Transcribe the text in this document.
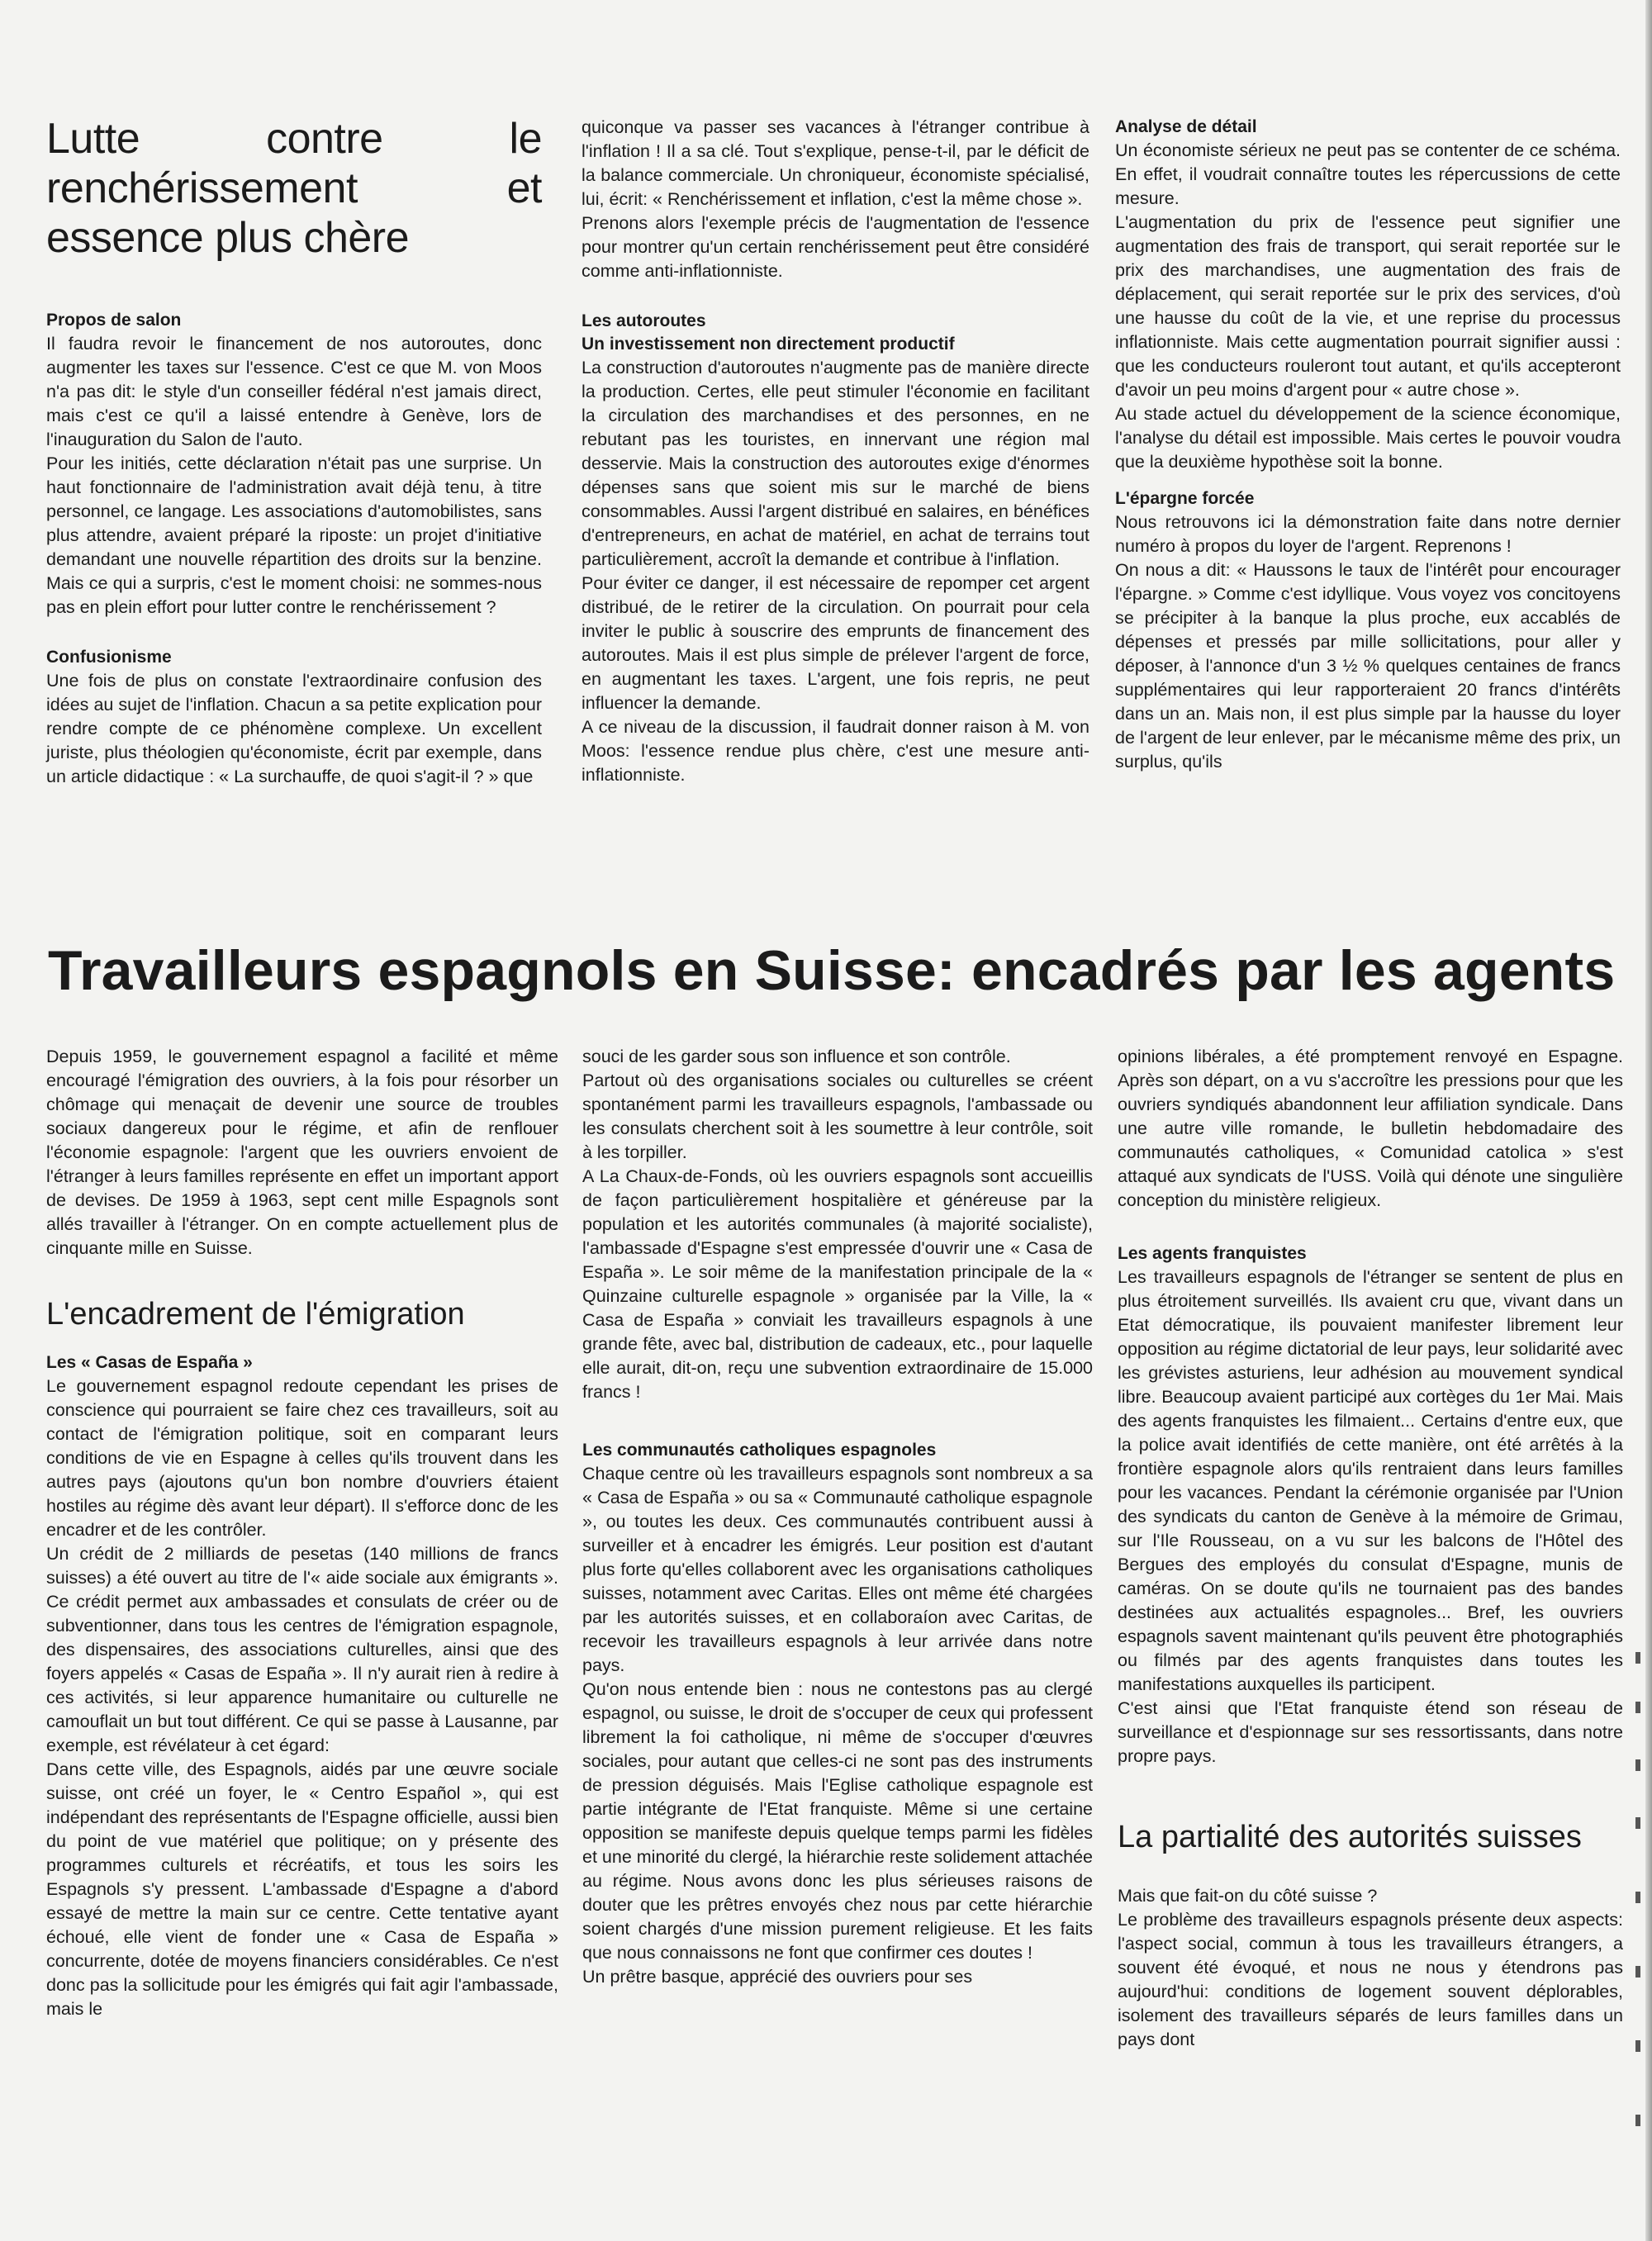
Lutte contre le renchérissement et essence plus chère

Propos de salon

Il faudra revoir le financement de nos autoroutes, donc augmenter les taxes sur l'essence. C'est ce que M. von Moos n'a pas dit: le style d'un conseiller fédéral n'est jamais direct, mais c'est ce qu'il a laissé entendre à Genève, lors de l'inauguration du Salon de l'auto.

Pour les initiés, cette déclaration n'était pas une surprise. Un haut fonctionnaire de l'administration avait déjà tenu, à titre personnel, ce langage. Les associations d'automobilistes, sans plus attendre, avaient préparé la riposte: un projet d'initiative demandant une nouvelle répartition des droits sur la benzine. Mais ce qui a surpris, c'est le moment choisi: ne sommes-nous pas en plein effort pour lutter contre le renchérissement ?

Confusionisme

Une fois de plus on constate l'extraordinaire confusion des idées au sujet de l'inflation. Chacun a sa petite explication pour rendre compte de ce phénomène complexe. Un excellent juriste, plus théologien qu'économiste, écrit par exemple, dans un article didactique : « La surchauffe, de quoi s'agit-il ? » que

quiconque va passer ses vacances à l'étranger contribue à l'inflation ! Il a sa clé. Tout s'explique, pense-t-il, par le déficit de la balance commerciale. Un chroniqueur, économiste spécialisé, lui, écrit: « Renchérissement et inflation, c'est la même chose ».

Prenons alors l'exemple précis de l'augmentation de l'essence pour montrer qu'un certain renchérissement peut être considéré comme anti-inflationniste.

Les autoroutes

Un investissement non directement productif

La construction d'autoroutes n'augmente pas de manière directe la production. Certes, elle peut stimuler l'économie en facilitant la circulation des marchandises et des personnes, en ne rebutant pas les touristes, en innervant une région mal desservie. Mais la construction des autoroutes exige d'énormes dépenses sans que soient mis sur le marché de biens consommables. Aussi l'argent distribué en salaires, en bénéfices d'entrepreneurs, en achat de matériel, en achat de terrains tout particulièrement, accroît la demande et contribue à l'inflation.

Pour éviter ce danger, il est nécessaire de repomper cet argent distribué, de le retirer de la circulation. On pourrait pour cela inviter le public à souscrire des emprunts de financement des autoroutes. Mais il est plus simple de prélever l'argent de force, en augmentant les taxes. L'argent, une fois repris, ne peut influencer la demande.

A ce niveau de la discussion, il faudrait donner raison à M. von Moos: l'essence rendue plus chère, c'est une mesure anti-inflationniste.

Analyse de détail

Un économiste sérieux ne peut pas se contenter de ce schéma. En effet, il voudrait connaître toutes les répercussions de cette mesure.

L'augmentation du prix de l'essence peut signifier une augmentation des frais de transport, qui serait reportée sur le prix des marchandises, une augmentation des frais de déplacement, qui serait reportée sur le prix des services, d'où une hausse du coût de la vie, et une reprise du processus inflationniste. Mais cette augmentation pourrait signifier aussi : que les conducteurs rouleront tout autant, et qu'ils accepteront d'avoir un peu moins d'argent pour « autre chose ».

Au stade actuel du développement de la science économique, l'analyse du détail est impossible. Mais certes le pouvoir voudra que la deuxième hypothèse soit la bonne.

L'épargne forcée

Nous retrouvons ici la démonstration faite dans notre dernier numéro à propos du loyer de l'argent. Reprenons !

On nous a dit: « Haussons le taux de l'intérêt pour encourager l'épargne. » Comme c'est idyllique. Vous voyez vos concitoyens se précipiter à la banque la plus proche, eux accablés de dépenses et pressés par mille sollicitations, pour aller y déposer, à l'annonce d'un 3 ½ % quelques centaines de francs supplémentaires qui leur rapporteraient 20 francs d'intérêts dans un an. Mais non, il est plus simple par la hausse du loyer de l'argent de leur enlever, par le mécanisme même des prix, un surplus, qu'ils

Travailleurs espagnols en Suisse: encadrés par les agents

Depuis 1959, le gouvernement espagnol a facilité et même encouragé l'émigration des ouvriers, à la fois pour résorber un chômage qui menaçait de devenir une source de troubles sociaux dangereux pour le régime, et afin de renflouer l'économie espagnole: l'argent que les ouvriers envoient de l'étranger à leurs familles représente en effet un important apport de devises. De 1959 à 1963, sept cent mille Espagnols sont allés travailler à l'étranger. On en compte actuellement plus de cinquante mille en Suisse.

L'encadrement de l'émigration

Les « Casas de España »

Le gouvernement espagnol redoute cependant les prises de conscience qui pourraient se faire chez ces travailleurs, soit au contact de l'émigration politique, soit en comparant leurs conditions de vie en Espagne à celles qu'ils trouvent dans les autres pays (ajoutons qu'un bon nombre d'ouvriers étaient hostiles au régime dès avant leur départ). Il s'efforce donc de les encadrer et de les contrôler.

Un crédit de 2 milliards de pesetas (140 millions de francs suisses) a été ouvert au titre de l'« aide sociale aux émigrants ». Ce crédit permet aux ambassades et consulats de créer ou de subventionner, dans tous les centres de l'émigration espagnole, des dispensaires, des associations culturelles, ainsi que des foyers appelés « Casas de España ». Il n'y aurait rien à redire à ces activités, si leur apparence humanitaire ou culturelle ne camouflait un but tout différent. Ce qui se passe à Lausanne, par exemple, est révélateur à cet égard:

Dans cette ville, des Espagnols, aidés par une œuvre sociale suisse, ont créé un foyer, le « Centro Español », qui est indépendant des représentants de l'Espagne officielle, aussi bien du point de vue matériel que politique; on y présente des programmes culturels et récréatifs, et tous les soirs les Espagnols s'y pressent. L'ambassade d'Espagne a d'abord essayé de mettre la main sur ce centre. Cette tentative ayant échoué, elle vient de fonder une « Casa de España » concurrente, dotée de moyens financiers considérables. Ce n'est donc pas la sollicitude pour les émigrés qui fait agir l'ambassade, mais le

souci de les garder sous son influence et son contrôle.

Partout où des organisations sociales ou culturelles se créent spontanément parmi les travailleurs espagnols, l'ambassade ou les consulats cherchent soit à les soumettre à leur contrôle, soit à les torpiller.

A La Chaux-de-Fonds, où les ouvriers espagnols sont accueillis de façon particulièrement hospitalière et généreuse par la population et les autorités communales (à majorité socialiste), l'ambassade d'Espagne s'est empressée d'ouvrir une « Casa de España ». Le soir même de la manifestation principale de la « Quinzaine culturelle espagnole » organisée par la Ville, la « Casa de España » conviait les travailleurs espagnols à une grande fête, avec bal, distribution de cadeaux, etc., pour laquelle elle aurait, dit-on, reçu une subvention extraordinaire de 15.000 francs !

Les communautés catholiques espagnoles

Chaque centre où les travailleurs espagnols sont nombreux a sa « Casa de España » ou sa « Communauté catholique espagnole », ou toutes les deux. Ces communautés contribuent aussi à surveiller et à encadrer les émigrés. Leur position est d'autant plus forte qu'elles collaborent avec les organisations catholiques suisses, notamment avec Caritas. Elles ont même été chargées par les autorités suisses, et en collaboraíon avec Caritas, de recevoir les travailleurs espagnols à leur arrivée dans notre pays.

Qu'on nous entende bien : nous ne contestons pas au clergé espagnol, ou suisse, le droit de s'occuper de ceux qui professent librement la foi catholique, ni même de s'occuper d'œuvres sociales, pour autant que celles-ci ne sont pas des instruments de pression déguisés. Mais l'Eglise catholique espagnole est partie intégrante de l'Etat franquiste. Même si une certaine opposition se manifeste depuis quelque temps parmi les fidèles et une minorité du clergé, la hiérarchie reste solidement attachée au régime. Nous avons donc les plus sérieuses raisons de douter que les prêtres envoyés chez nous par cette hiérarchie soient chargés d'une mission purement religieuse. Et les faits que nous connaissons ne font que confirmer ces doutes !

Un prêtre basque, apprécié des ouvriers pour ses

opinions libérales, a été promptement renvoyé en Espagne. Après son départ, on a vu s'accroître les pressions pour que les ouvriers syndiqués abandonnent leur affiliation syndicale. Dans une autre ville romande, le bulletin hebdomadaire des communautés catholiques, « Comunidad catolica » s'est attaqué aux syndicats de l'USS. Voilà qui dénote une singulière conception du ministère religieux.

Les agents franquistes

Les travailleurs espagnols de l'étranger se sentent de plus en plus étroitement surveillés. Ils avaient cru que, vivant dans un Etat démocratique, ils pouvaient manifester librement leur opposition au régime dictatorial de leur pays, leur solidarité avec les grévistes asturiens, leur adhésion au mouvement syndical libre. Beaucoup avaient participé aux cortèges du 1er Mai. Mais des agents franquistes les filmaient... Certains d'entre eux, que la police avait identifiés de cette manière, ont été arrêtés à la frontière espagnole alors qu'ils rentraient dans leurs familles pour les vacances. Pendant la cérémonie organisée par l'Union des syndicats du canton de Genève à la mémoire de Grimau, sur l'Ile Rousseau, on a vu sur les balcons de l'Hôtel des Bergues des employés du consulat d'Espagne, munis de caméras. On se doute qu'ils ne tournaient pas des bandes destinées aux actualités espagnoles... Bref, les ouvriers espagnols savent maintenant qu'ils peuvent être photographiés ou filmés par des agents franquistes dans toutes les manifestations auxquelles ils participent.

C'est ainsi que l'Etat franquiste étend son réseau de surveillance et d'espionnage sur ses ressortissants, dans notre propre pays.

La partialité des autorités suisses

Mais que fait-on du côté suisse ?

Le problème des travailleurs espagnols présente deux aspects: l'aspect social, commun à tous les travailleurs étrangers, a souvent été évoqué, et nous ne nous y étendrons pas aujourd'hui: conditions de logement souvent déplorables, isolement des travailleurs séparés de leurs familles dans un pays dont
